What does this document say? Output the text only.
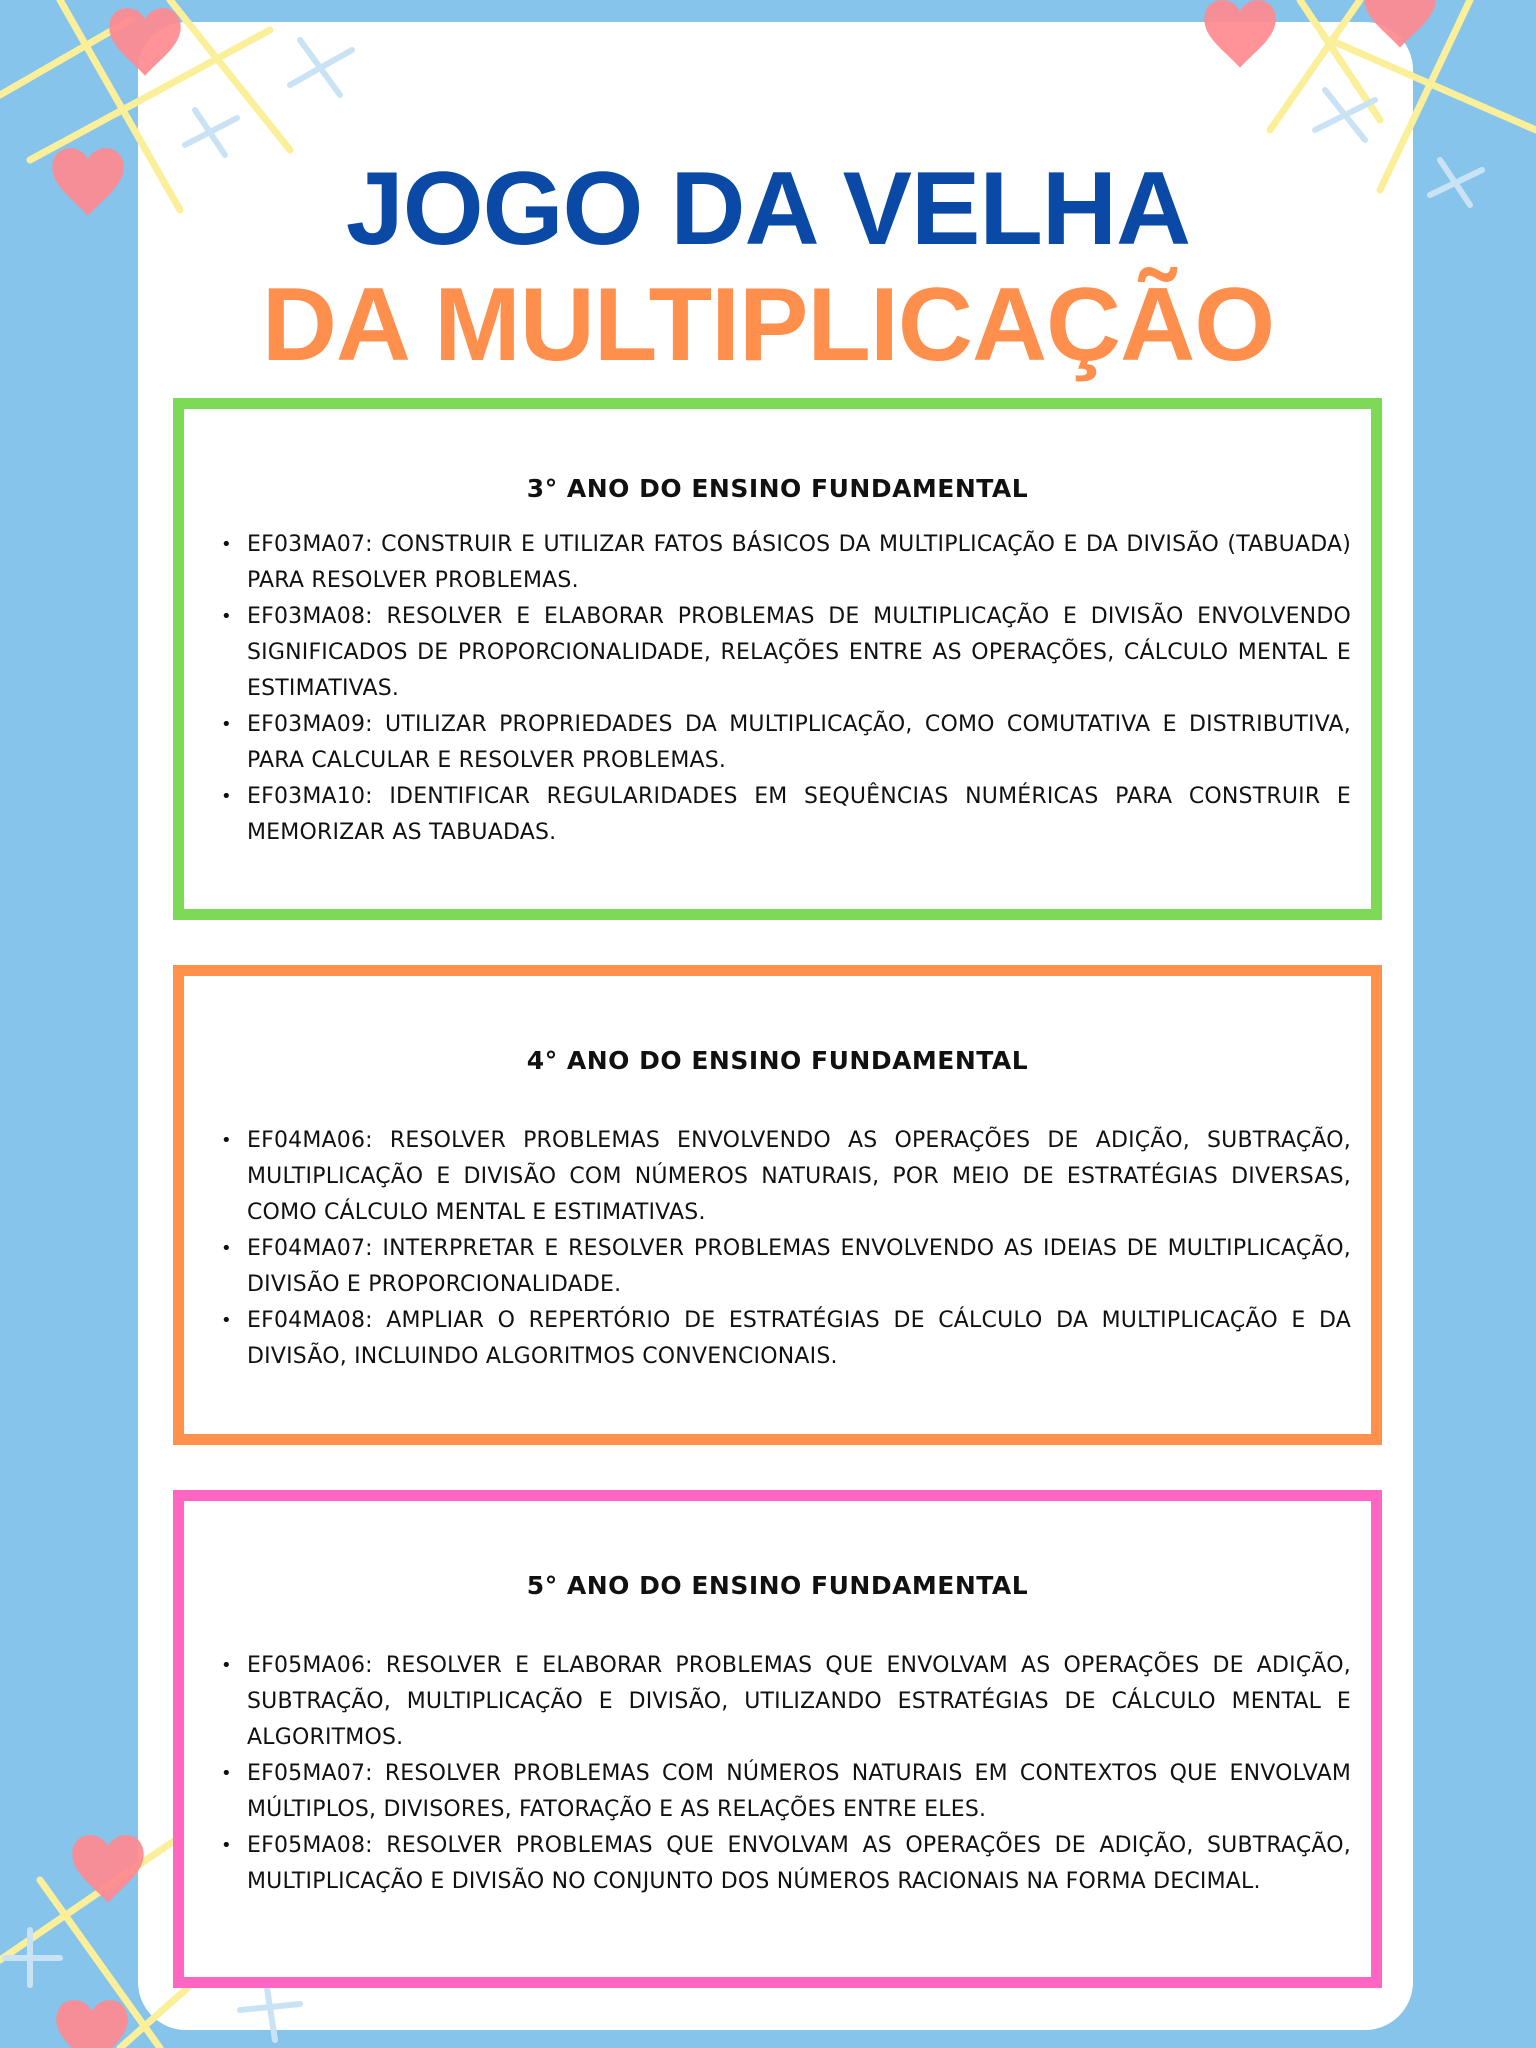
JOGO DA VELHA
DA MULTIPLICAÇÃO
3° ANO DO ENSINO FUNDAMENTAL
• EF03MA07: CONSTRUIR E UTILIZAR FATOS BÁSICOS DA MULTIPLICAÇÃO E DA DIVISÃO (TABUADA) PARA RESOLVER PROBLEMAS.
• EF03MA08: RESOLVER E ELABORAR PROBLEMAS DE MULTIPLICAÇÃO E DIVISÃO ENVOLVENDO SIGNIFICADOS DE PROPORCIONALIDADE, RELAÇÕES ENTRE AS OPERAÇÕES, CÁLCULO MENTAL E ESTIMATIVAS.
• EF03MA09: UTILIZAR PROPRIEDADES DA MULTIPLICAÇÃO, COMO COMUTATIVA E DISTRIBUTIVA, PARA CALCULAR E RESOLVER PROBLEMAS.
• EF03MA10: IDENTIFICAR REGULARIDADES EM SEQUÊNCIAS NUMÉRICAS PARA CONSTRUIR E MEMORIZAR AS TABUADAS.
4° ANO DO ENSINO FUNDAMENTAL
• EF04MA06: RESOLVER PROBLEMAS ENVOLVENDO AS OPERAÇÕES DE ADIÇÃO, SUBTRAÇÃO, MULTIPLICAÇÃO E DIVISÃO COM NÚMEROS NATURAIS, POR MEIO DE ESTRATÉGIAS DIVERSAS, COMO CÁLCULO MENTAL E ESTIMATIVAS.
• EF04MA07: INTERPRETAR E RESOLVER PROBLEMAS ENVOLVENDO AS IDEIAS DE MULTIPLICAÇÃO, DIVISÃO E PROPORCIONALIDADE.
• EF04MA08: AMPLIAR O REPERTÓRIO DE ESTRATÉGIAS DE CÁLCULO DA MULTIPLICAÇÃO E DA DIVISÃO, INCLUINDO ALGORITMOS CONVENCIONAIS.
5° ANO DO ENSINO FUNDAMENTAL
• EF05MA06: RESOLVER E ELABORAR PROBLEMAS QUE ENVOLVAM AS OPERAÇÕES DE ADIÇÃO, SUBTRAÇÃO, MULTIPLICAÇÃO E DIVISÃO, UTILIZANDO ESTRATÉGIAS DE CÁLCULO MENTAL E ALGORITMOS.
• EF05MA07: RESOLVER PROBLEMAS COM NÚMEROS NATURAIS EM CONTEXTOS QUE ENVOLVAM MÚLTIPLOS, DIVISORES, FATORAÇÃO E AS RELAÇÕES ENTRE ELES.
• EF05MA08: RESOLVER PROBLEMAS QUE ENVOLVAM AS OPERAÇÕES DE ADIÇÃO, SUBTRAÇÃO, MULTIPLICAÇÃO E DIVISÃO NO CONJUNTO DOS NÚMEROS RACIONAIS NA FORMA DECIMAL.
